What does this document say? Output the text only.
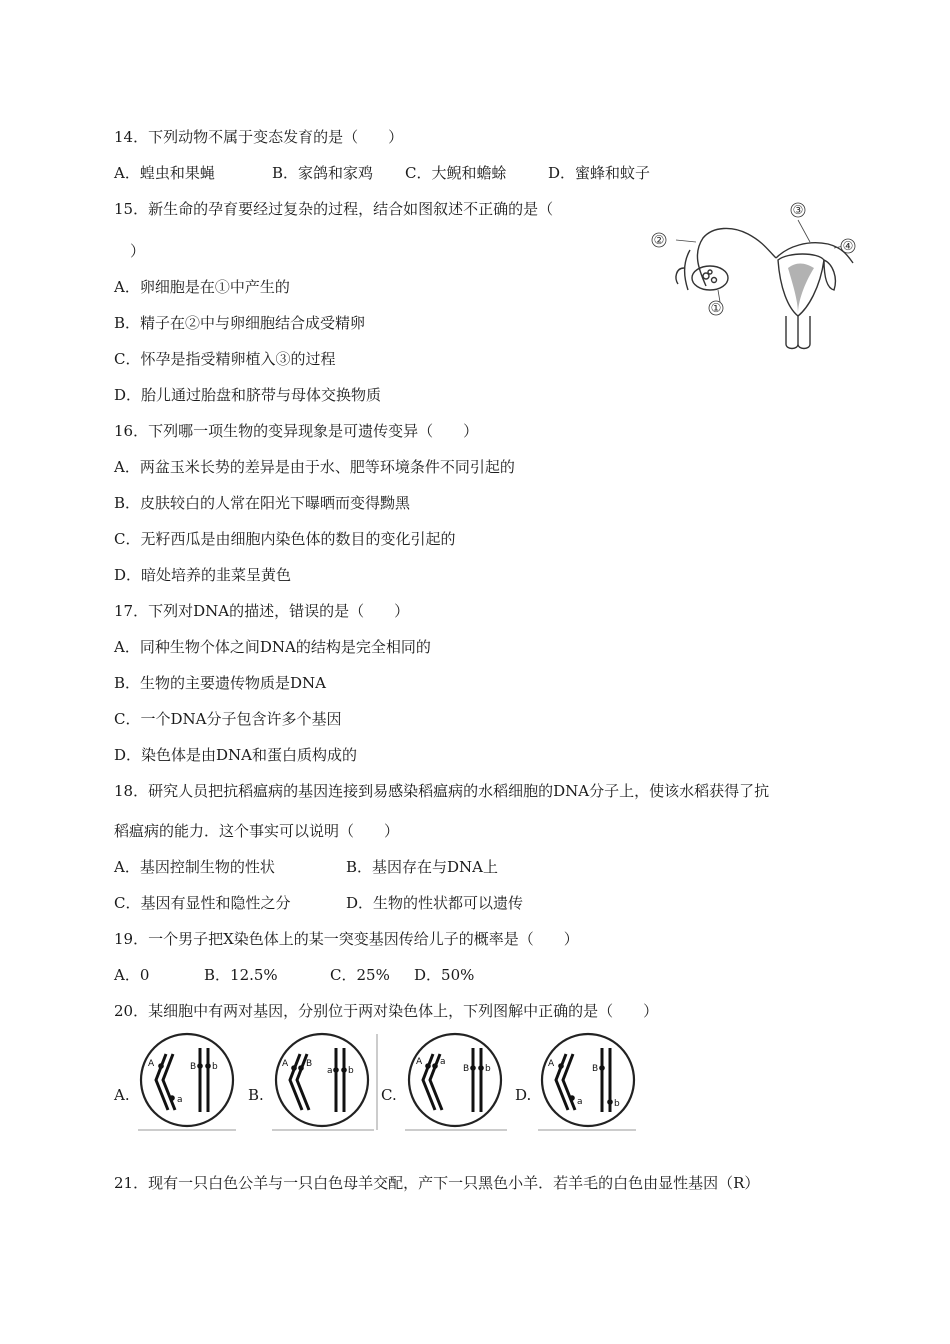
14．下列动物不属于变态发育的是（　　）
A．蝗虫和果蝇	B．家鸽和家鸡 C．大鲵和蟾蜍	D．蜜蜂和蚊子
15．新生命的孕育要经过复杂的过程，结合如图叙述不正确的是（
）
A．卵细胞是在①中产生的
B．精子在②中与卵细胞结合成受精卵
C．怀孕是指受精卵植入③的过程
D．胎儿通过胎盘和脐带与母体交换物质
①
②
③
④
16．下列哪一项生物的变异现象是可遗传变异（　　）
A．两盆玉米长势的差异是由于水、肥等环境条件不同引起的
B．皮肤较白的人常在阳光下曝晒而变得黝黑
C．无籽西瓜是由细胞内染色体的数目的变化引起的
D．暗处培养的韭菜呈黄色
17．下列对DNA的描述，错误的是（　　）
A．同种生物个体之间DNA的结构是完全相同的
B．生物的主要遗传物质是DNA
C．一个DNA分子包含许多个基因
D．染色体是由DNA和蛋白质构成的
18．研究人员把抗稻瘟病的基因连接到易感染稻瘟病的水稻细胞的DNA分子上，使该水稻获得了抗
稻瘟病的能力．这个事实可以说明（　　）
A．基因控制生物的性状	B．基因存在与DNA上
C．基因有显性和隐性之分	D．生物的性状都可以遗传
19．一个男子把X染色体上的某一突变基因传给儿子的概率是（　　）
A．0	B．12.5%	C．25% D．50%
20．某细胞中有两对基因，分别位于两对染色体上，下列图解中正确的是（　　）
A.
A
a
B b
B.
A B
a b
C.
A a
B b
D.
A
a
B
b
21．现有一只白色公羊与一只白色母羊交配，产下一只黑色小羊．若羊毛的白色由显性基因（R）
